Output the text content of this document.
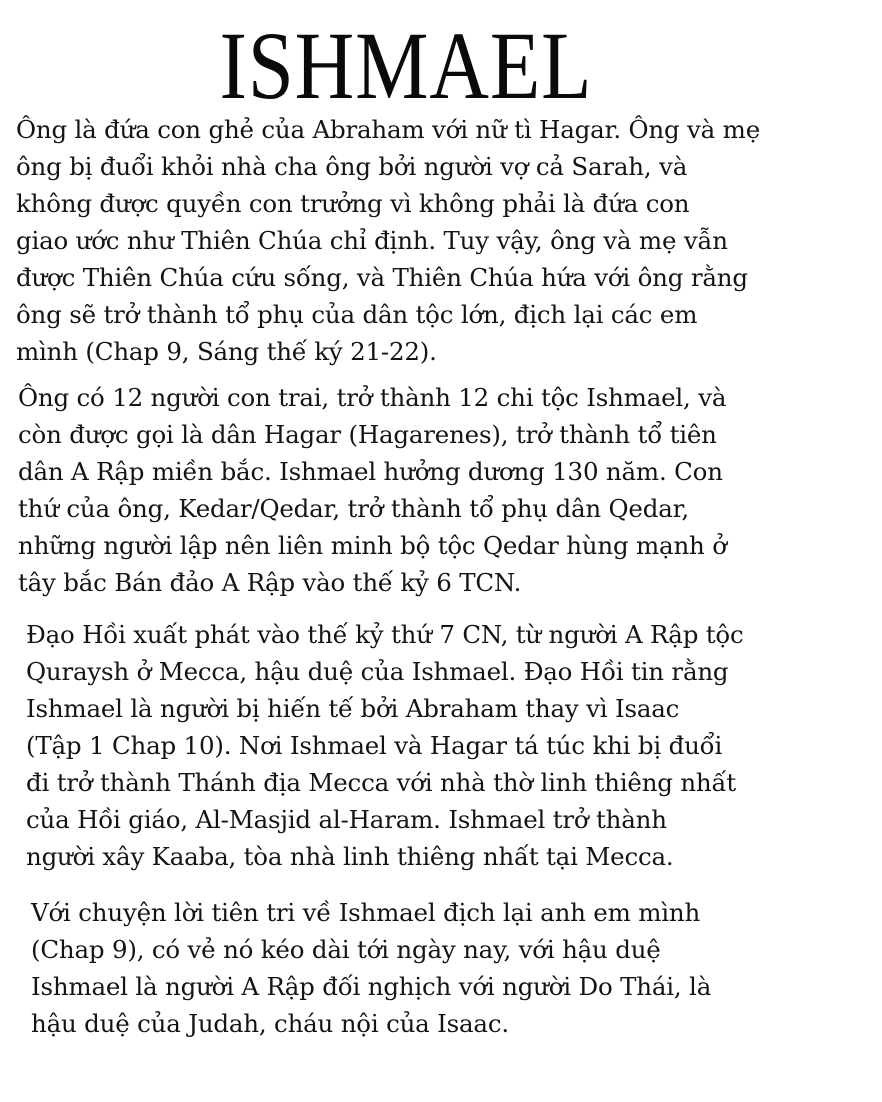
ISHMAEL
Ông là đứa con ghẻ của Abraham với nữ tì Hagar. Ông và mẹ
ông bị đuổi khỏi nhà cha ông bởi người vợ cả Sarah, và
không được quyền con trưởng vì không phải là đứa con
giao ước như Thiên Chúa chỉ định. Tuy vậy, ông và mẹ vẫn
được Thiên Chúa cứu sống, và Thiên Chúa hứa với ông rằng
ông sẽ trở thành tổ phụ của dân tộc lớn, địch lại các em
mình (Chap 9, Sáng thế ký 21-22).
Ông có 12 người con trai, trở thành 12 chi tộc Ishmael, và
còn được gọi là dân Hagar (Hagarenes), trở thành tổ tiên
dân A Rập miền bắc. Ishmael hưởng dương 130 năm. Con
thứ của ông, Kedar/Qedar, trở thành tổ phụ dân Qedar,
những người lập nên liên minh bộ tộc Qedar hùng mạnh ở
tây bắc Bán đảo A Rập vào thế kỷ 6 TCN.
Đạo Hồi xuất phát vào thế kỷ thứ 7 CN, từ người A Rập tộc
Quraysh ở Mecca, hậu duệ của Ishmael. Đạo Hồi tin rằng
Ishmael là người bị hiến tế bởi Abraham thay vì Isaac
(Tập 1 Chap 10). Nơi Ishmael và Hagar tá túc khi bị đuổi
đi trở thành Thánh địa Mecca với nhà thờ linh thiêng nhất
của Hồi giáo, Al-Masjid al-Haram. Ishmael trở thành
người xây Kaaba, tòa nhà linh thiêng nhất tại Mecca.
Với chuyện lời tiên tri về Ishmael địch lại anh em mình
(Chap 9), có vẻ nó kéo dài tới ngày nay, với hậu duệ
Ishmael là người A Rập đối nghịch với người Do Thái, là
hậu duệ của Judah, cháu nội của Isaac.
